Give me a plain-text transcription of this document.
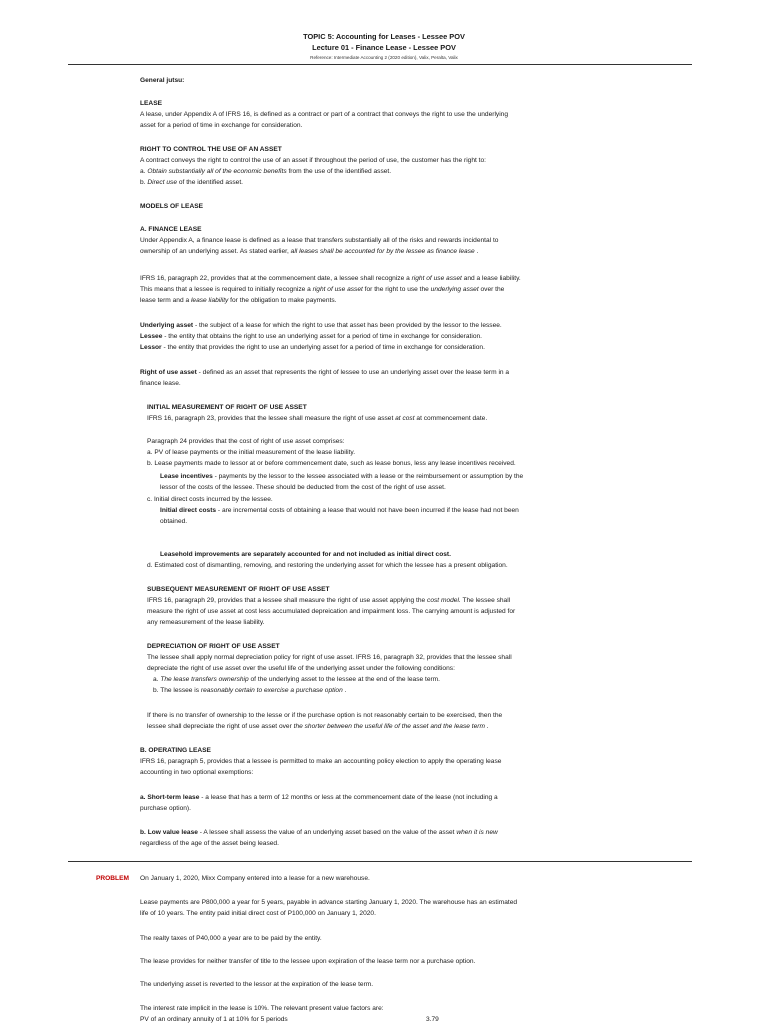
TOPIC 5: Accounting for Leases - Lessee POV
Lecture 01 - Finance Lease - Lessee POV
Reference: Intermediate Accounting 2 (2020 edition), Valix, Peralta, Valix
General jutsu:
LEASE
A lease, under Appendix A of IFRS 16, is defined as a contract or part of a contract that conveys the right to use the underlying
asset for a period of time in exchange for consideration.
RIGHT TO CONTROL THE USE OF AN ASSET
A contract conveys the right to control the use of an asset if throughout the period of use, the customer has the right to:
a. Obtain substantially all of the economic benefits from the use of the identified asset.
b. Direct use of the identified asset.
MODELS OF LEASE
A. FINANCE LEASE
Under Appendix A, a finance lease is defined as a lease that transfers substantially all of the risks and rewards incidental to
ownership of an underlying asset. As stated earlier, all leases shall be accounted for by the lessee as finance lease .
IFRS 16, paragraph 22, provides that at the commencement date, a lessee shall recognize a right of use asset and a lease liability.
This means that a lessee is required to initially recognize a right of use asset for the right to use the underlying asset over the
lease term and a lease liability for the obligation to make payments.
Underlying asset - the subject of a lease for which the right to use that asset has been provided by the lessor to the lessee.
Lessee - the entity that obtains the right to use an underlying asset for a period of time in exchange for consideration.
Lessor - the entity that provides the right to use an underlying asset for a period of time in exchange for consideration.
Right of use asset - defined as an asset that represents the right of lessee to use an underlying asset over the lease term in a
finance lease.
INITIAL MEASUREMENT OF RIGHT OF USE ASSET
IFRS 16, paragraph 23, provides that the lessee shall measure the right of use asset at cost at commencement date.
Paragraph 24 provides that the cost of right of use asset comprises:
a. PV of lease payments or the initial measurement of the lease liability.
b. Lease payments made to lessor at or before commencement date, such as lease bonus, less any lease incentives received.
Lease incentives - payments by the lessor to the lessee associated with a lease or the reimbursement or assumption by the
lessor of the costs of the lessee. These should be deducted from the cost of the right of use asset.
c. Initial direct costs incurred by the lessee.
Initial direct costs - are incremental costs of obtaining a lease that would not have been incurred if the lease had not been
obtained.
Leasehold improvements are separately accounted for and not included as initial direct cost.
d. Estimated cost of dismantling, removing, and restoring the underlying asset for which the lessee has a present obligation.
SUBSEQUENT MEASUREMENT OF RIGHT OF USE ASSET
IFRS 16, paragraph 29, provides that a lessee shall measure the right of use asset applying the cost model. The lessee shall
measure the right of use asset at cost less accumulated depreication and impairment loss. The carrying amount is adjusted for
any remeasurement of the lease liability.
DEPRECIATION OF RIGHT OF USE ASSET
The lessee shall apply normal depreciation policy for right of use asset. IFRS 16, paragraph 32, provides that the lessee shall
depreciate the right of use asset over the useful life of the underlying asset under the following conditions:
a. The lease transfers ownership of the underlying asset to the lessee at the end of the lease term.
b. The lessee is reasonably certain to exercise a purchase option .
If there is no transfer of ownership to the lesse or if the purchase option is not reasonably certain to be exercised, then the
lessee shall depreciate the right of use asset over the shorter between the useful life of the asset and the lease term .
B. OPERATING LEASE
IFRS 16, paragraph 5, provides that a lessee is permitted to make an accounting policy election to apply the operating lease
accounting in two optional exemptions:
a. Short-term lease - a lease that has a term of 12 months or less at the commencement date of the lease (not including a
purchase option).
b. Low value lease - A lessee shall assess the value of an underlying asset based on the value of the asset when it is new
regardless of the age of the asset being leased.
PROBLEM On January 1, 2020, Mixx Company entered into a lease for a new warehouse.
Lease payments are P800,000 a year for 5 years, payable in advance starting January 1, 2020. The warehouse has an estimated
life of 10 years. The entity paid initial direct cost of P100,000 on January 1, 2020.
The realty taxes of P40,000 a year are to be paid by the entity.
The lease provides for neither transfer of title to the lessee upon expiration of the lease term nor a purchase option.
The underlying asset is reverted to the lessor at the expiration of the lease term.
The interest rate implicit in the lease is 10%. The relevant present value factors are:
PV of an ordinary annuity of 1 at 10% for 5 periods	3.79
